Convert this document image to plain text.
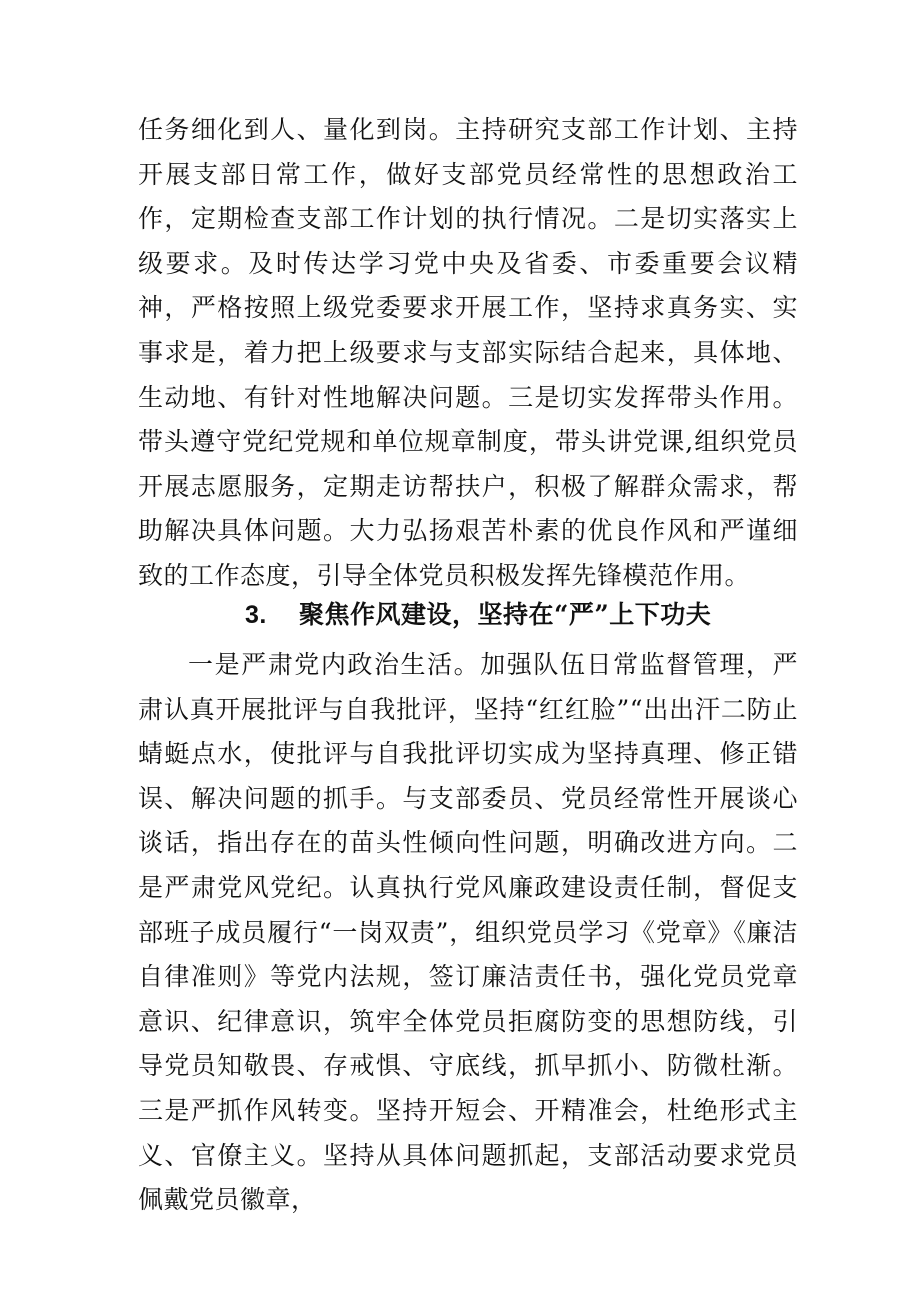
任务细化到人、量化到岗。主持研究支部工作计划、主持开展支部日常工作，做好支部党员经常性的思想政治工作，定期检查支部工作计划的执行情况。二是切实落实上级要求。及时传达学习党中央及省委、市委重要会议精神，严格按照上级党委要求开展工作，坚持求真务实、实事求是，着力把上级要求与支部实际结合起来，具体地、生动地、有针对性地解决问题。三是切实发挥带头作用。带头遵守党纪党规和单位规章制度，带头讲党课,组织党员开展志愿服务，定期走访帮扶户，积极了解群众需求，帮助解决具体问题。大力弘扬艰苦朴素的优良作风和严谨细致的工作态度，引导全体党员积极发挥先锋模范作用。

3. 聚焦作风建设，坚持在“严”上下功夫

一是严肃党内政治生活。加强队伍日常监督管理，严肃认真开展批评与自我批评，坚持“红红脸”“出出汗二防止蜻蜓点水，使批评与自我批评切实成为坚持真理、修正错误、解决问题的抓手。与支部委员、党员经常性开展谈心谈话，指出存在的苗头性倾向性问题，明确改进方向。二是严肃党风党纪。认真执行党风廉政建设责任制，督促支部班子成员履行“一岗双责”，组织党员学习《党章》《廉洁自律准则》等党内法规，签订廉洁责任书，强化党员党章意识、纪律意识，筑牢全体党员拒腐防变的思想防线，引导党员知敬畏、存戒惧、守底线，抓早抓小、防微杜渐。三是严抓作风转变。坚持开短会、开精准会，杜绝形式主义、官僚主义。坚持从具体问题抓起，支部活动要求党员佩戴党员徽章，
